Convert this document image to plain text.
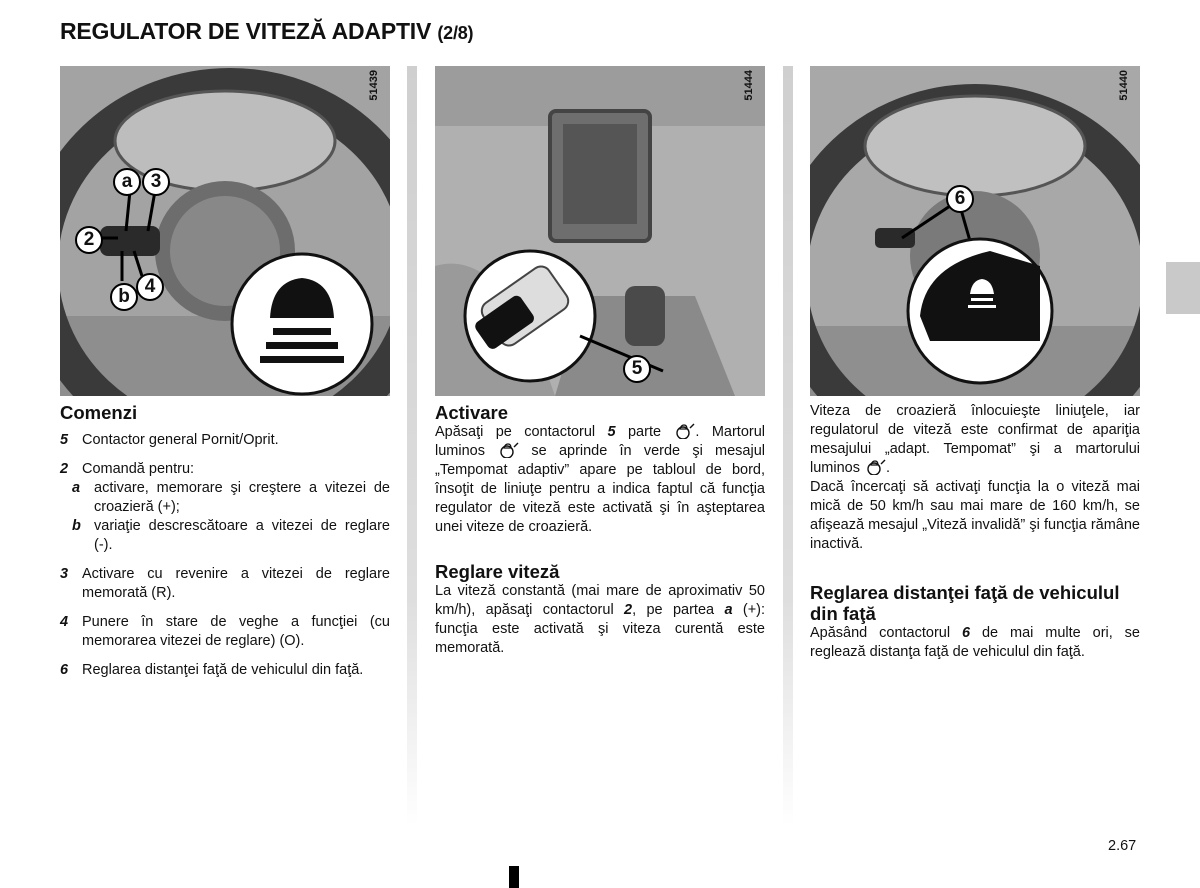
REGULATOR DE VITEZĂ ADAPTIV (2/8)
a 3
2
b 4
51439
5
51444
6
51440
Comenzi
5 Contactor general Pornit/Oprit.
2 Comandă pentru:
a activare, memorare şi creştere a vitezei de croazieră (+);
b variaţie descrescătoare a vitezei de reglare (-).
3 Activare cu revenire a vitezei de reglare memorată (R).
4 Punere în stare de veghe a funcţiei (cu memorarea vitezei de reglare) (O).
6 Reglarea distanţei faţă de vehiculul din faţă.
Activare

Apăsaţi pe contactorul 5 parte . Martorul luminos	se aprinde în verde şi mesajul „Tempomat adaptiv” apare pe tabloul de bord, însoţit de liniuţe pentru a indica faptul că funcţia regulator de viteză este activată şi în aşteptarea unei viteze de croazieră.

Reglare viteză

La viteză constantă (mai mare de aproximativ 50 km/h), apăsaţi contactorul 2, pe partea a (+): funcţia este activată şi viteza curentă este memorată.

Viteza de croazieră înlocuieşte liniuţele, iar regulatorul de viteză este confirmat de apariţia mesajului „adapt. Tempomat” şi a martorului luminos .

Dacă încercaţi să activaţi funcţia la o viteză mai mică de 50 km/h sau mai mare de 160 km/h, se afişează mesajul „Viteză invalidă” şi funcţia rămâne inactivă.

Reglarea distanţei faţă de vehiculul din faţă

Apăsând contactorul 6 de mai multe ori, se reglează distanţa faţă de vehiculul din faţă.

2.67
